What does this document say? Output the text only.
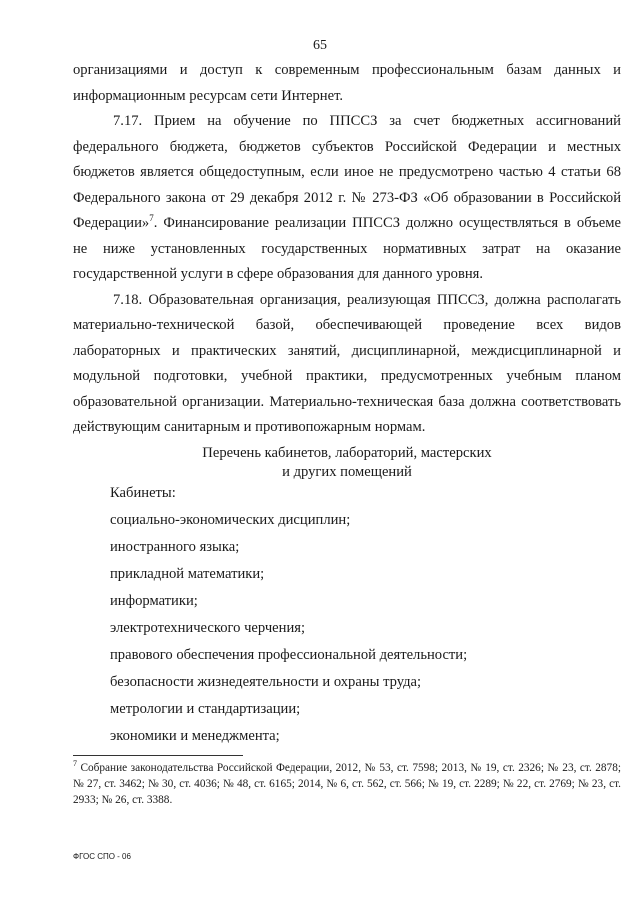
65

организациями и доступ к современным профессиональным базам данных и информационным ресурсам сети Интернет.

7.17. Прием на обучение по ППССЗ за счет бюджетных ассигнований федерального бюджета, бюджетов субъектов Российской Федерации и местных бюджетов является общедоступным, если иное не предусмотрено частью 4 статьи 68 Федерального закона от 29 декабря 2012 г. № 273-ФЗ «Об образовании в Российской Федерации»$^7$. Финансирование реализации ППССЗ должно осуществляться в объеме не ниже установленных государственных нормативных затрат на оказание государственной услуги в сфере образования для данного уровня.

7.18. Образовательная организация, реализующая ППССЗ, должна располагать материально-технической базой, обеспечивающей проведение всех видов лабораторных и практических занятий, дисциплинарной, междисциплинарной и модульной подготовки, учебной практики, предусмотренных учебным планом образовательной организации. Материально-техническая база должна соответствовать действующим санитарным и противопожарным нормам.

Перечень кабинетов, лабораторий, мастерских
и других помещений
Кабинеты:
социально-экономических дисциплин;
иностранного языка;
прикладной математики;
информатики;
электротехнического черчения;
правового обеспечения профессиональной деятельности;
безопасности жизнедеятельности и охраны труда;
метрологии и стандартизации;
экономики и менеджмента;
$^7$ Собрание законодательства Российской Федерации, 2012, № 53, ст. 7598; 2013, № 19, ст. 2326; № 23, ст. 2878; № 27, ст. 3462; № 30, ст. 4036; № 48, ст. 6165; 2014, № 6, ст. 562, ст. 566; № 19, ст. 2289; № 22, ст. 2769; № 23, ст. 2933; № 26, ст. 3388.
ФГОС СПО - 06
